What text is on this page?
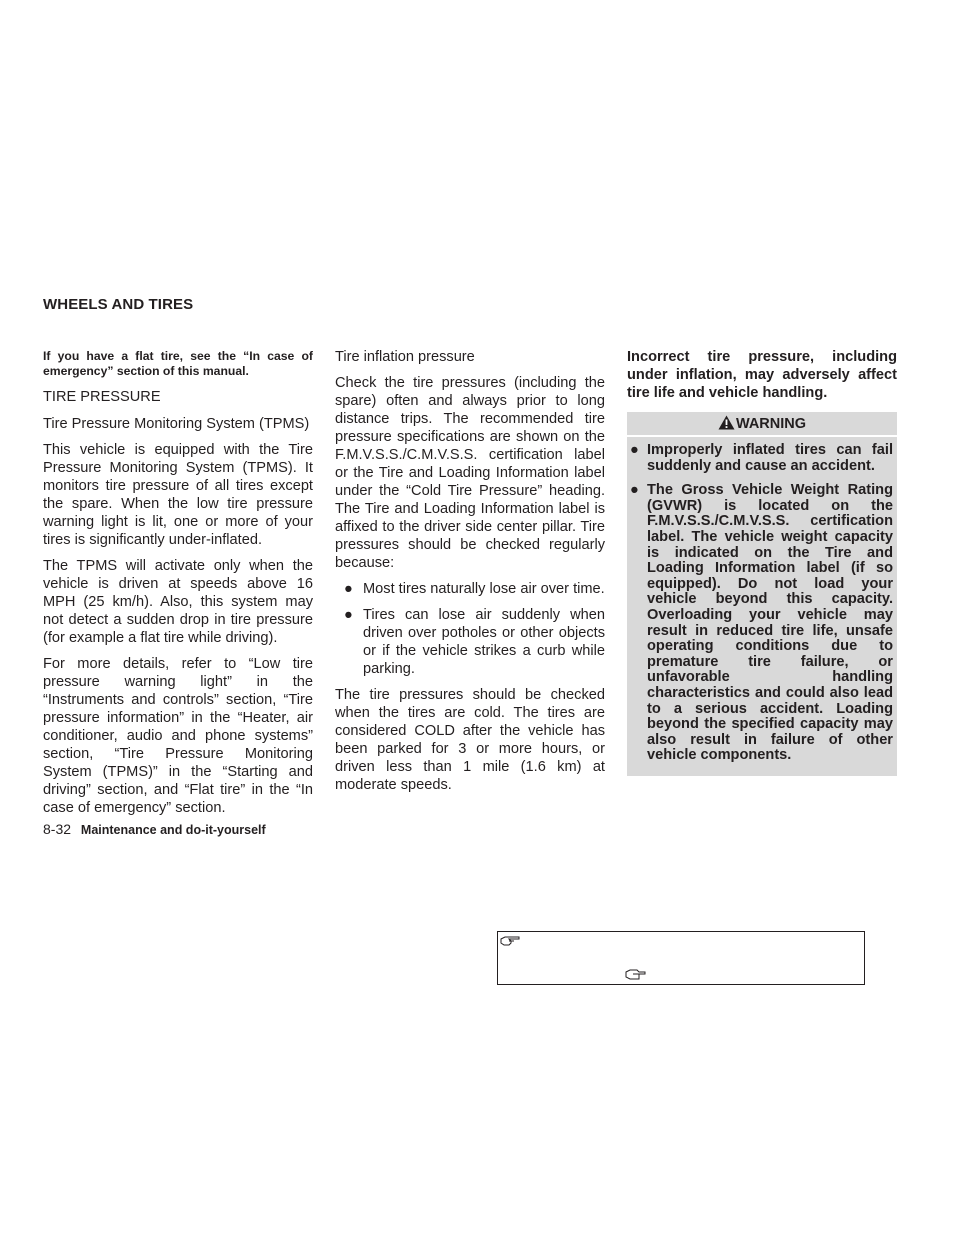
WHEELS AND TIRES
If you have a flat tire, see the “In case of emergency” section of this manual.
TIRE PRESSURE
Tire Pressure Monitoring System (TPMS)
This vehicle is equipped with the Tire Pressure Monitoring System (TPMS). It monitors tire pressure of all tires except the spare. When the low tire pressure warning light is lit, one or more of your tires is significantly under-inflated.
The TPMS will activate only when the vehicle is driven at speeds above 16 MPH (25 km/h). Also, this system may not detect a sudden drop in tire pressure (for example a flat tire while driving).
For more details, refer to “Low tire pressure warning light” in the “Instruments and controls” section, “Tire pressure information” in the “Heater, air conditioner, audio and phone systems” section, “Tire Pressure Monitoring System (TPMS)” in the “Starting and driving” section, and “Flat tire” in the “In case of emergency” section.
Tire inflation pressure
Check the tire pressures (including the spare) often and always prior to long distance trips. The recommended tire pressure specifications are shown on the F.M.V.S.S./C.M.V.S.S. certification label or the Tire and Loading Information label under the “Cold Tire Pressure” heading. The Tire and Loading Information label is affixed to the driver side center pillar. Tire pressures should be checked regularly because:
● Most tires naturally lose air over time.
● Tires can lose air suddenly when driven over potholes or other objects or if the vehicle strikes a curb while parking.
The tire pressures should be checked when the tires are cold. The tires are considered COLD after the vehicle has been parked for 3 or more hours, or driven less than 1 mile (1.6 km) at moderate speeds.
Incorrect tire pressure, including under inflation, may adversely affect tire life and vehicle handling.
WARNING
● Improperly inflated tires can fail suddenly and cause an accident.
● The Gross Vehicle Weight Rating (GVWR) is located on the F.M.V.S.S./C.M.V.S.S. certification label. The vehicle weight capacity is indicated on the Tire and Loading Information label (if so equipped). Do not load your vehicle beyond this capacity. Overloading your vehicle may result in reduced tire life, unsafe operating conditions due to premature tire failure, or unfavorable handling characteristics and could also lead to a serious accident. Loading beyond the specified capacity may also result in failure of other vehicle components.
8-32 Maintenance and do-it-yourself
